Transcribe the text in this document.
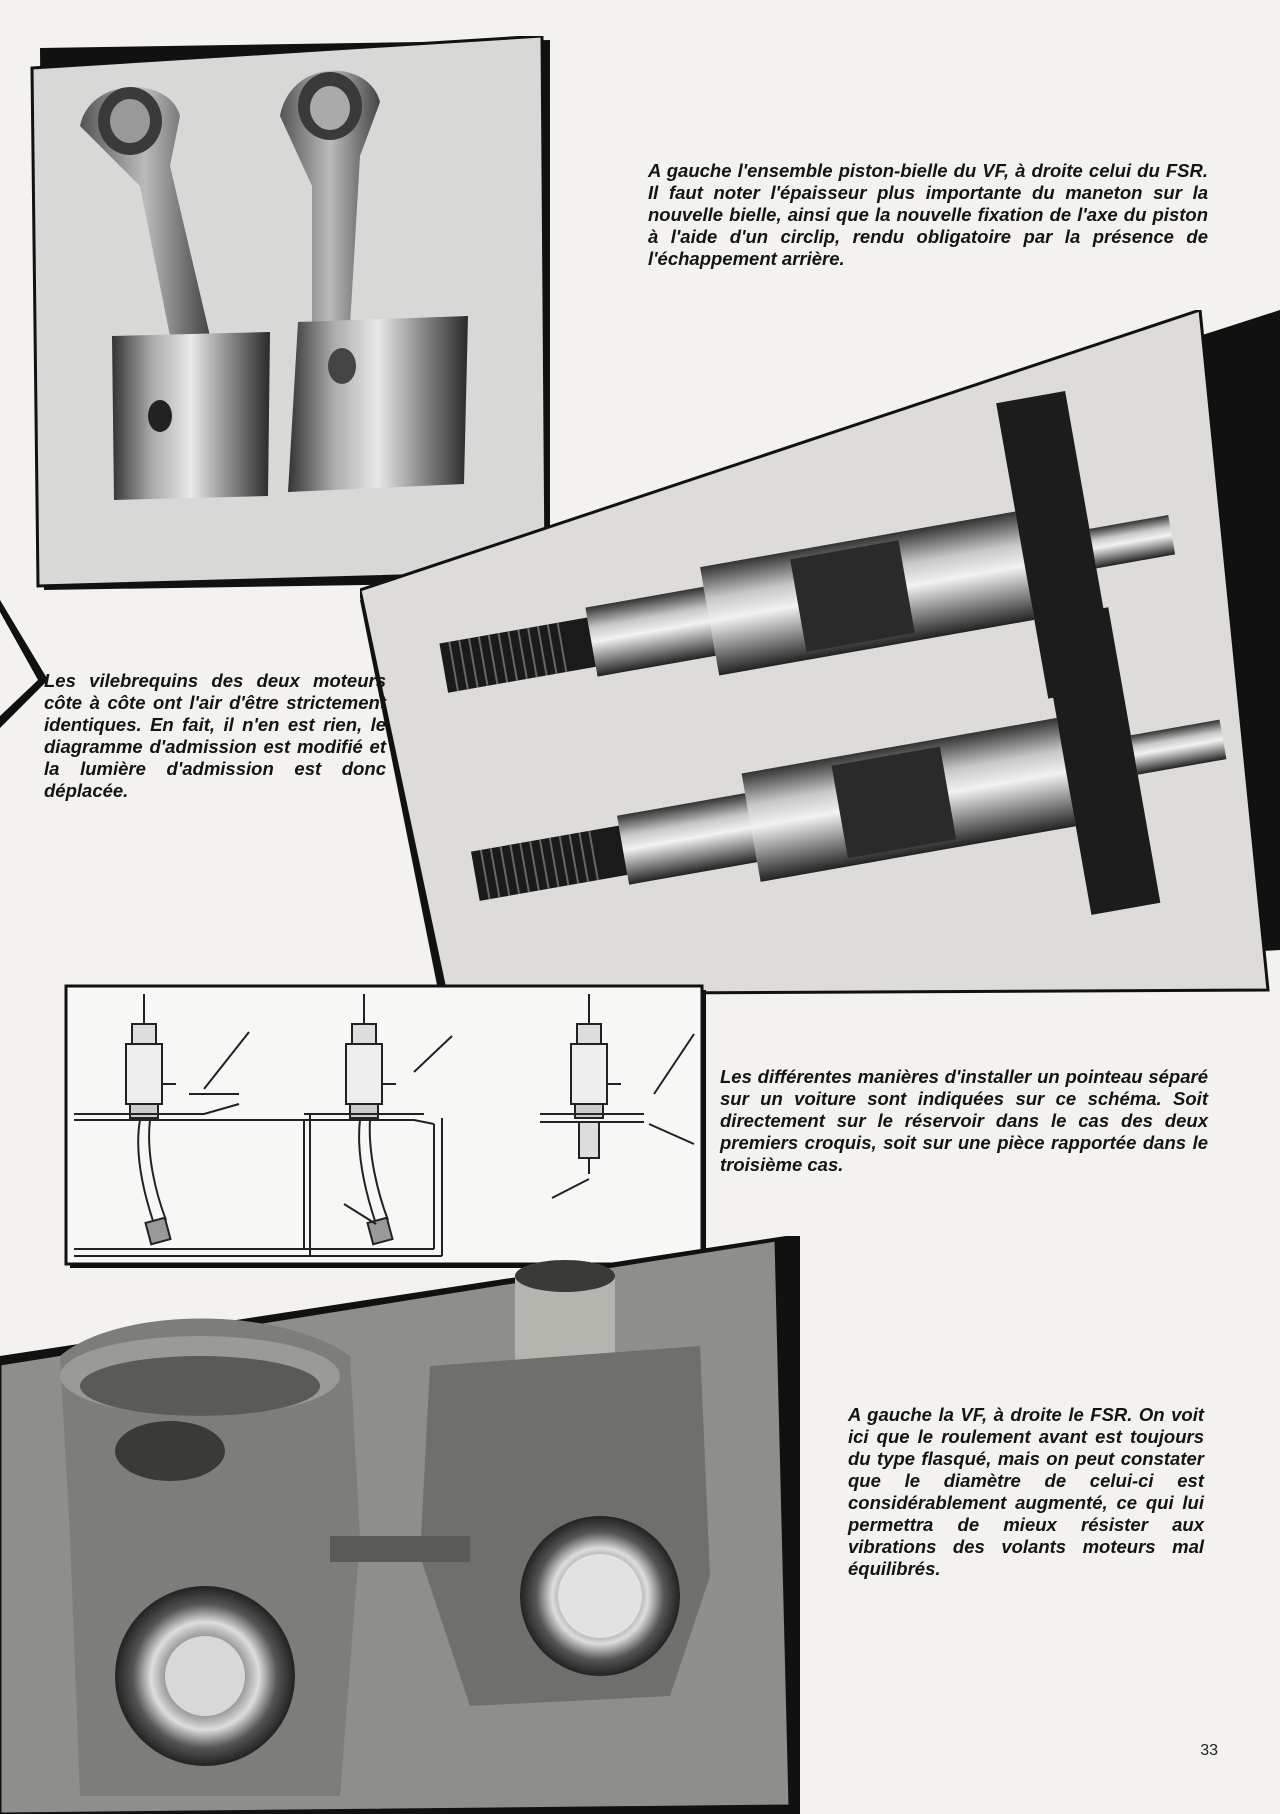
A gauche l'ensemble piston-bielle du VF, à droite celui du FSR. Il faut noter l'épaisseur plus importante du maneton sur la nouvelle bielle, ainsi que la nouvelle fixation de l'axe du piston à l'aide d'un circlip, rendu obligatoire par la présence de l'échappement arrière.
Les vilebrequins des deux moteurs côte à côte ont l'air d'être strictement identiques. En fait, il n'en est rien, le diagramme d'admission est modifié et la lumière d'admission est donc déplacée.
Les différentes manières d'installer un pointeau séparé sur un voiture sont indiquées sur ce schéma. Soit directement sur le réservoir dans le cas des deux premiers croquis, soit sur une pièce rapportée dans le troisième cas.
A gauche la VF, à droite le FSR. On voit ici que le roulement avant est toujours du type flasqué, mais on peut constater que le diamètre de celui-ci est considérablement augmenté, ce qui lui permettra de mieux résister aux vibrations des volants moteurs mal équilibrés.
33
